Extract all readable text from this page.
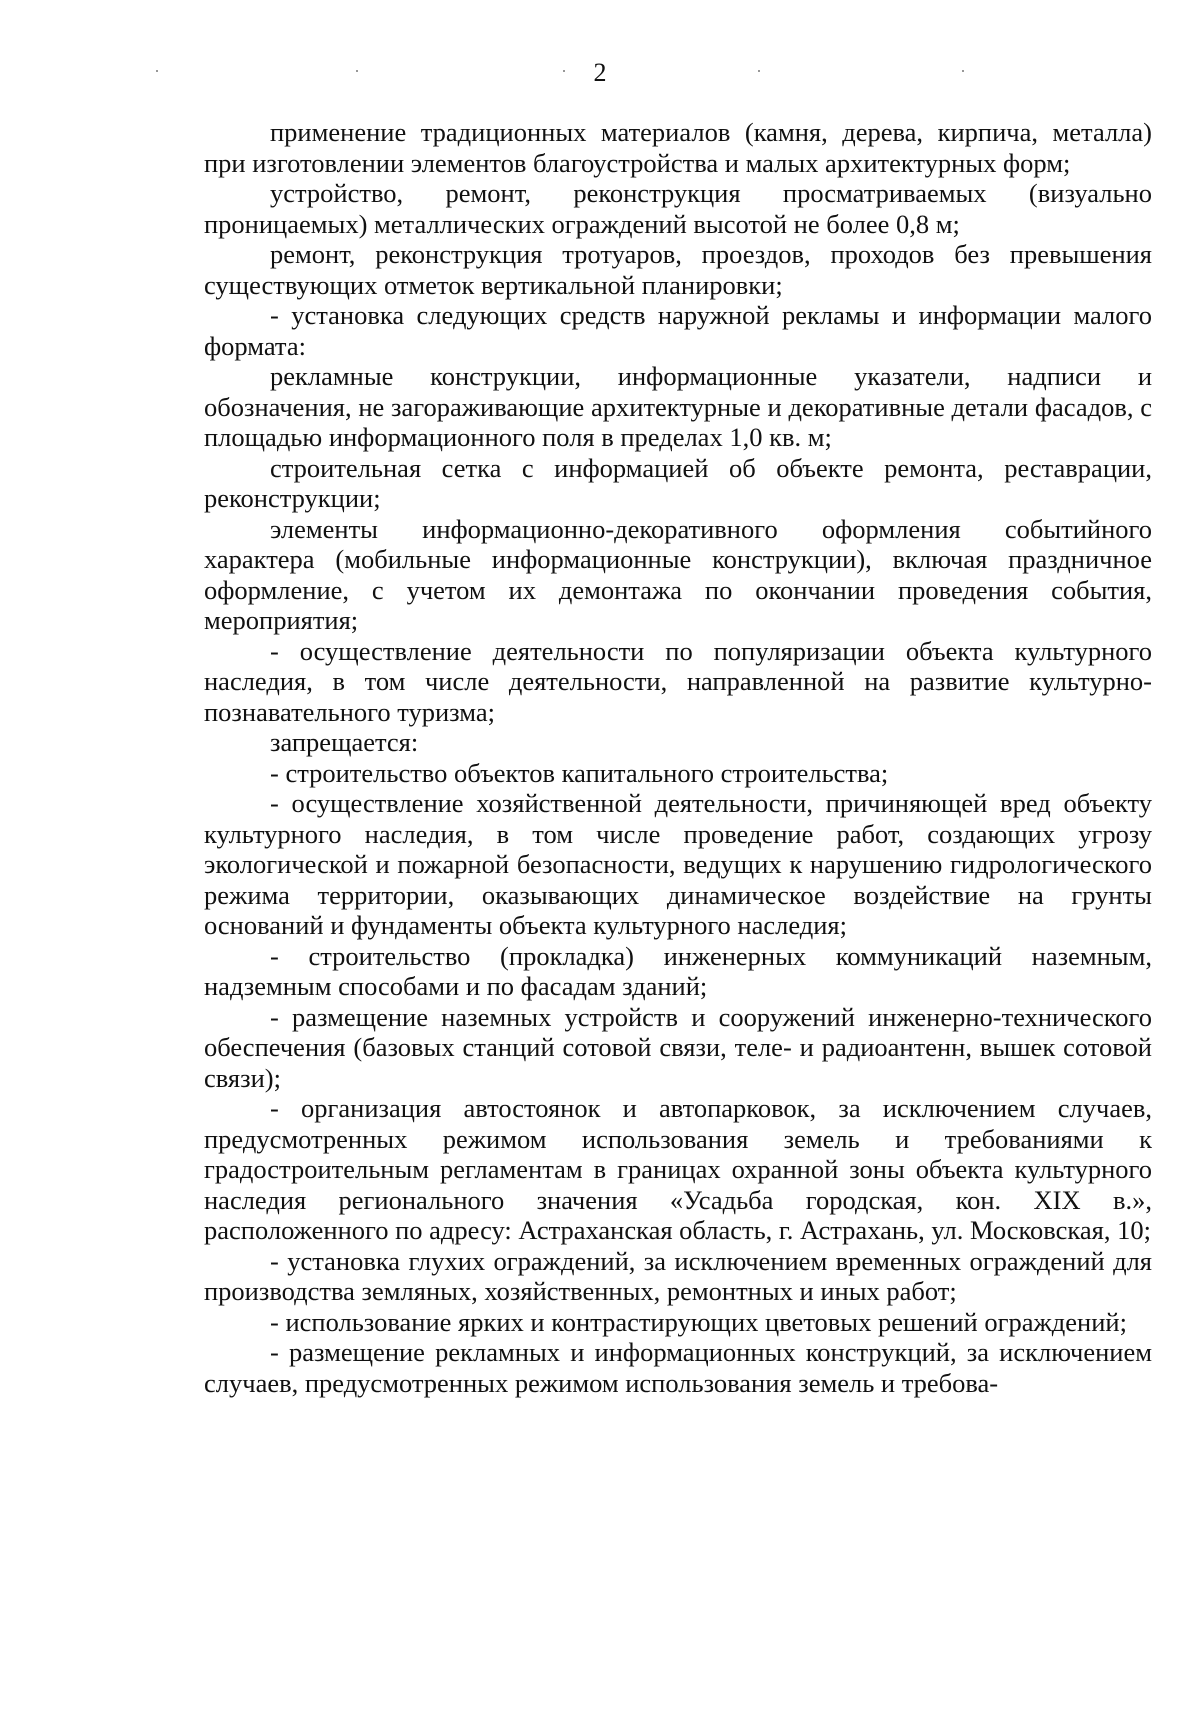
2

применение традиционных материалов (камня, дерева, кирпича, металла) при изготовлении элементов благоустройства и малых архитектурных форм;

устройство, ремонт, реконструкция просматриваемых (визуально проницаемых) металлических ограждений высотой не более 0,8 м;

ремонт, реконструкция тротуаров, проездов, проходов без превышения существующих отметок вертикальной планировки;

- установка следующих средств наружной рекламы и информации малого формата:

рекламные конструкции, информационные указатели, надписи и обозначения, не загораживающие архитектурные и декоративные детали фасадов, с площадью информационного поля в пределах 1,0 кв. м;

строительная сетка с информацией об объекте ремонта, реставрации, реконструкции;

элементы информационно-декоративного оформления событийного характера (мобильные информационные конструкции), включая праздничное оформление, с учетом их демонтажа по окончании проведения события, мероприятия;

- осуществление деятельности по популяризации объекта культурного наследия, в том числе деятельности, направленной на развитие культурно-познавательного туризма;

запрещается:

- строительство объектов капитального строительства;

- осуществление хозяйственной деятельности, причиняющей вред объекту культурного наследия, в том числе проведение работ, создающих угрозу экологической и пожарной безопасности, ведущих к нарушению гидрологического режима территории, оказывающих динамическое воздействие на грунты оснований и фундаменты объекта культурного наследия;

- строительство (прокладка) инженерных коммуникаций наземным, надземным способами и по фасадам зданий;

- размещение наземных устройств и сооружений инженерно-технического обеспечения (базовых станций сотовой связи, теле- и радиоантенн, вышек сотовой связи);

- организация автостоянок и автопарковок, за исключением случаев, предусмотренных режимом использования земель и требованиями к градостроительным регламентам в границах охранной зоны объекта культурного наследия регионального значения «Усадьба городская, кон. XIX в.», расположенного по адресу: Астраханская область, г. Астрахань, ул. Московская, 10;

- установка глухих ограждений, за исключением временных ограждений для производства земляных, хозяйственных, ремонтных и иных работ;

- использование ярких и контрастирующих цветовых решений ограждений;

- размещение рекламных и информационных конструкций, за исключением случаев, предусмотренных режимом использования земель и требова-
